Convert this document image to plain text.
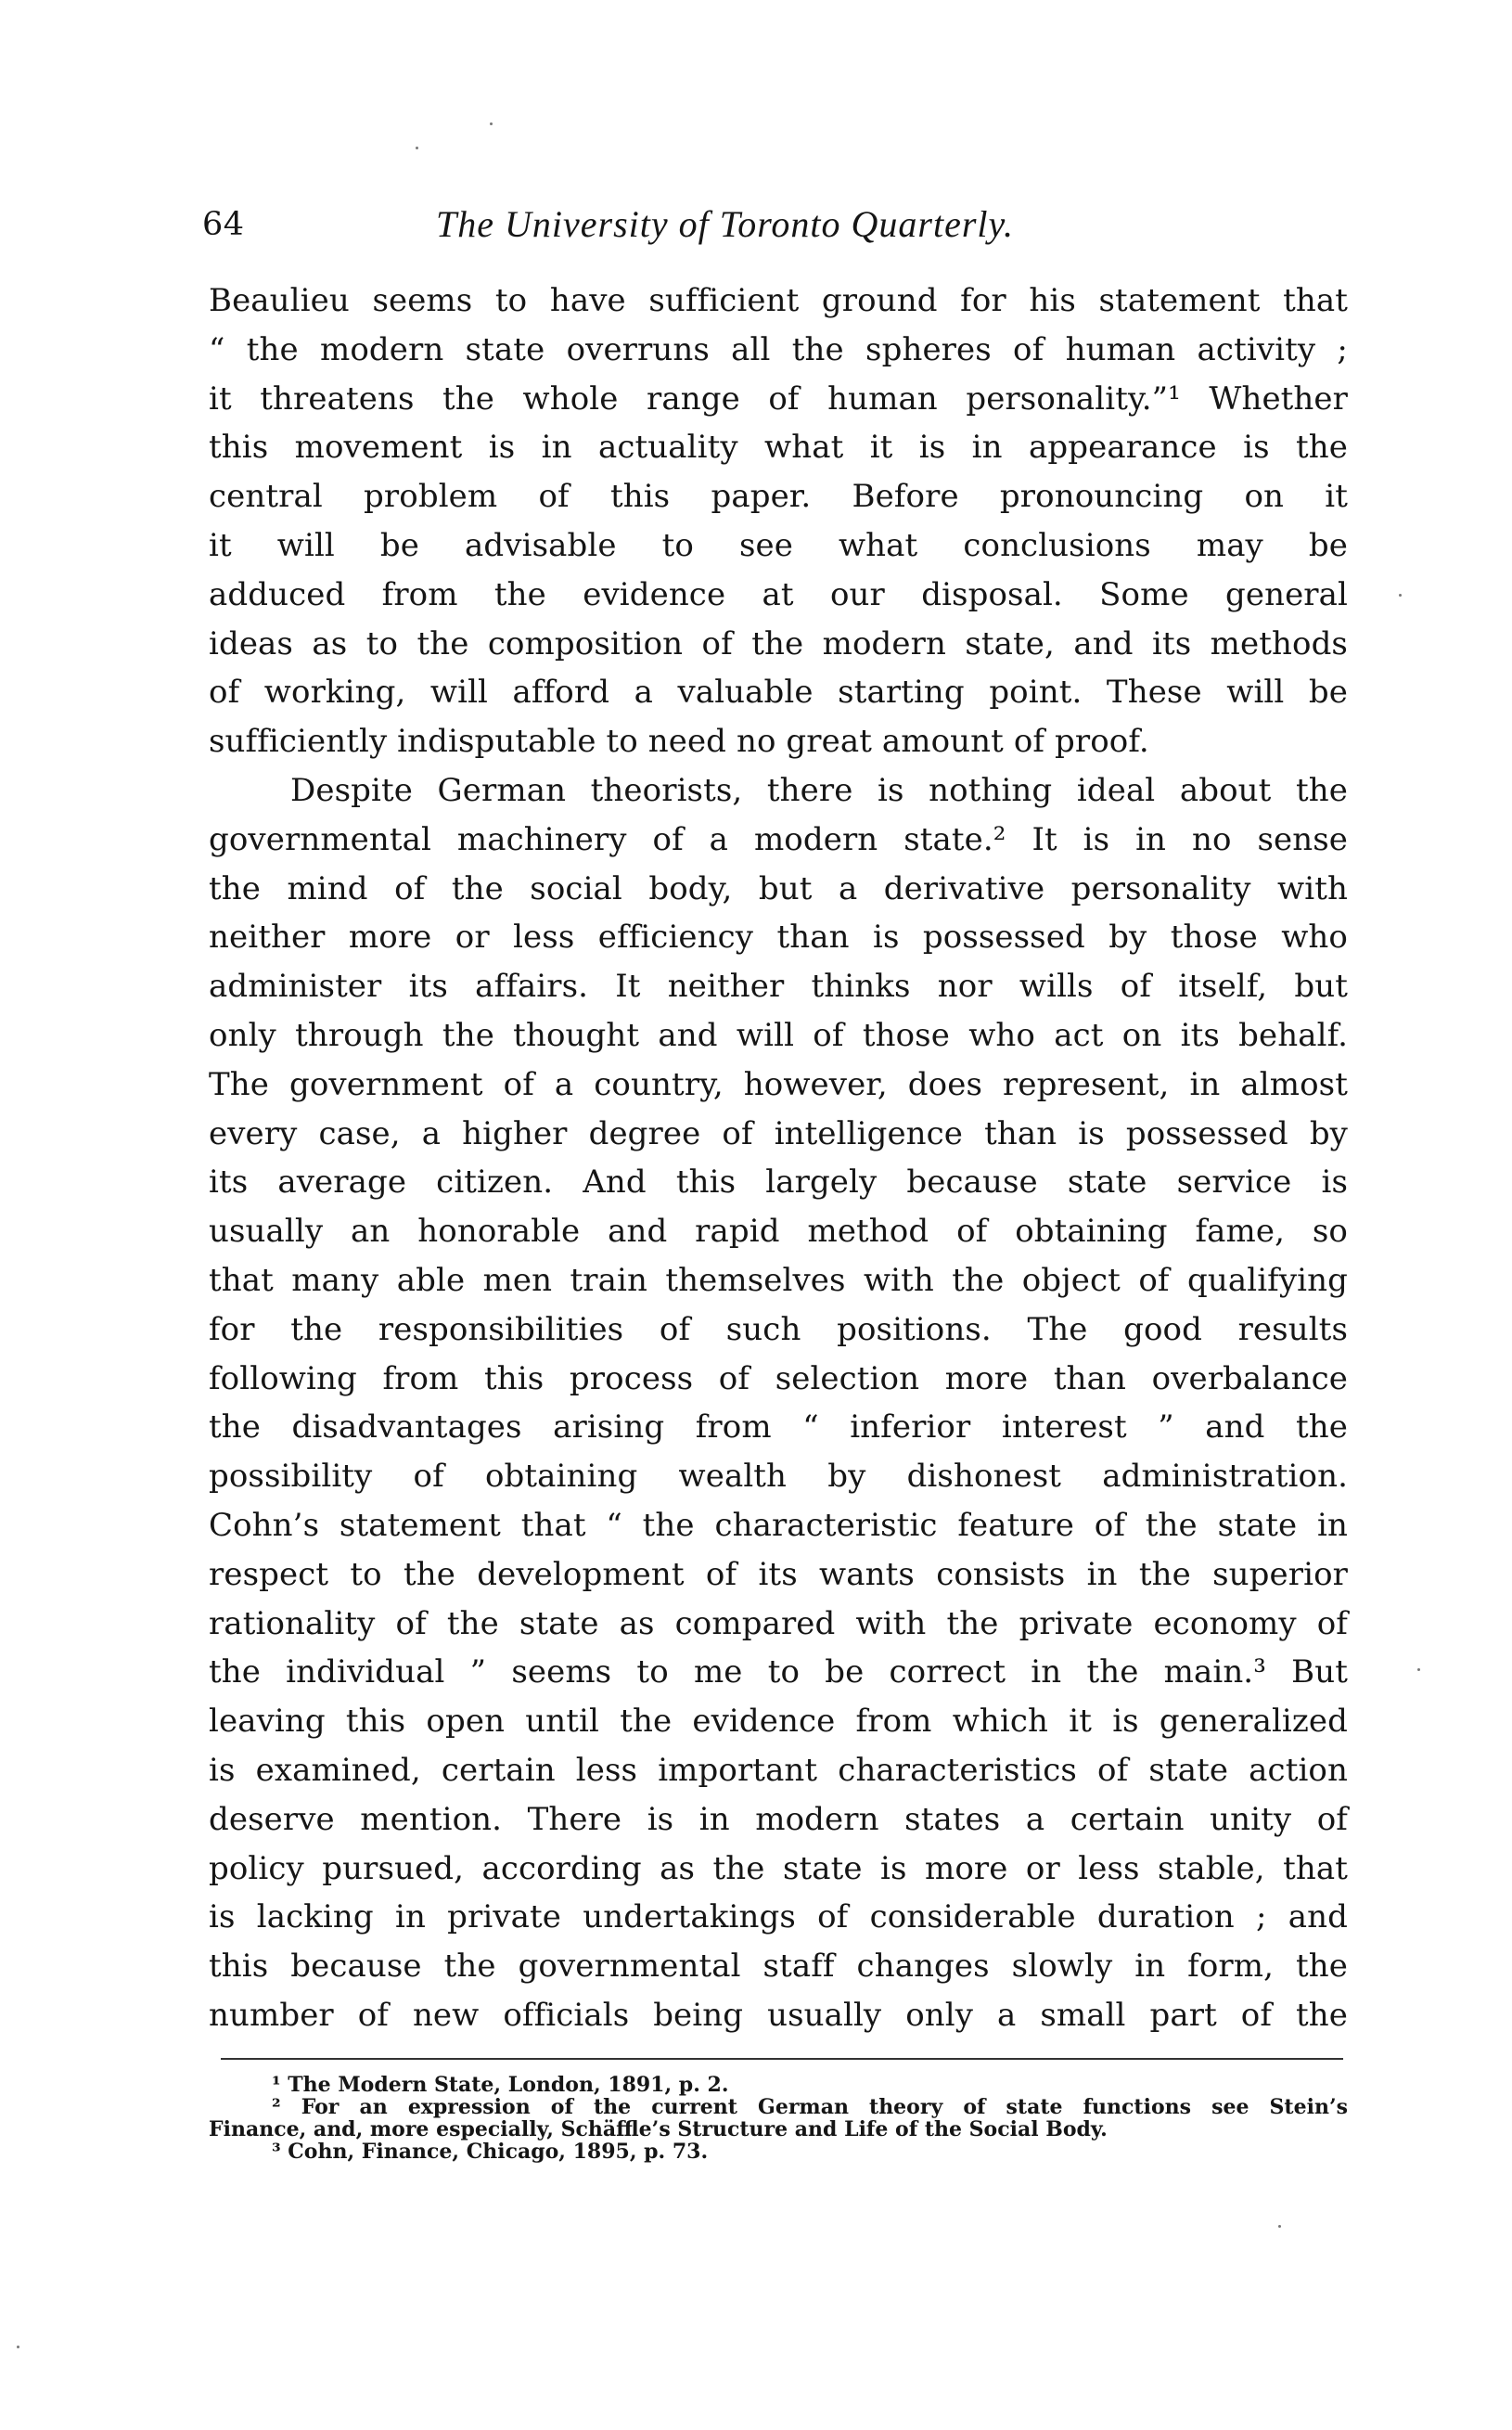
64	The University of Toronto Quarterly.
Beaulieu seems to have sufficient ground for his statement that
“ the modern state overruns all the spheres of human activity ;
it threatens the whole range of human personality.”¹ Whether
this movement is in actuality what it is in appearance is the
central problem of this paper. Before pronouncing on it
it will be advisable to see what conclusions may be
adduced from the evidence at our disposal. Some general
ideas as to the composition of the modern state, and its methods
of working, will afford a valuable starting point. These will be
sufficiently indisputable to need no great amount of proof.
Despite German theorists, there is nothing ideal about the
governmental machinery of a modern state.² It is in no sense
the mind of the social body, but a derivative personality with
neither more or less efficiency than is possessed by those who
administer its affairs. It neither thinks nor wills of itself, but
only through the thought and will of those who act on its behalf.
The government of a country, however, does represent, in almost
every case, a higher degree of intelligence than is possessed by
its average citizen. And this largely because state service is
usually an honorable and rapid method of obtaining fame, so
that many able men train themselves with the object of qualifying
for the responsibilities of such positions. The good results
following from this process of selection more than overbalance
the disadvantages arising from “ inferior interest ” and the
possibility of obtaining wealth by dishonest administration.
Cohn’s statement that “ the characteristic feature of the state in
respect to the development of its wants consists in the superior
rationality of the state as compared with the private economy of
the individual ” seems to me to be correct in the main.³ But
leaving this open until the evidence from which it is generalized
is examined, certain less important characteristics of state action
deserve mention. There is in modern states a certain unity of
policy pursued, according as the state is more or less stable, that
is lacking in private undertakings of considerable duration ; and
this because the governmental staff changes slowly in form, the
number of new officials being usually only a small part of the
¹ The Modern State, London, 1891, p. 2.
² For an expression of the current German theory of state functions see Stein’s
Finance, and, more especially, Schäffle’s Structure and Life of the Social Body.
³ Cohn, Finance, Chicago, 1895, p. 73.
